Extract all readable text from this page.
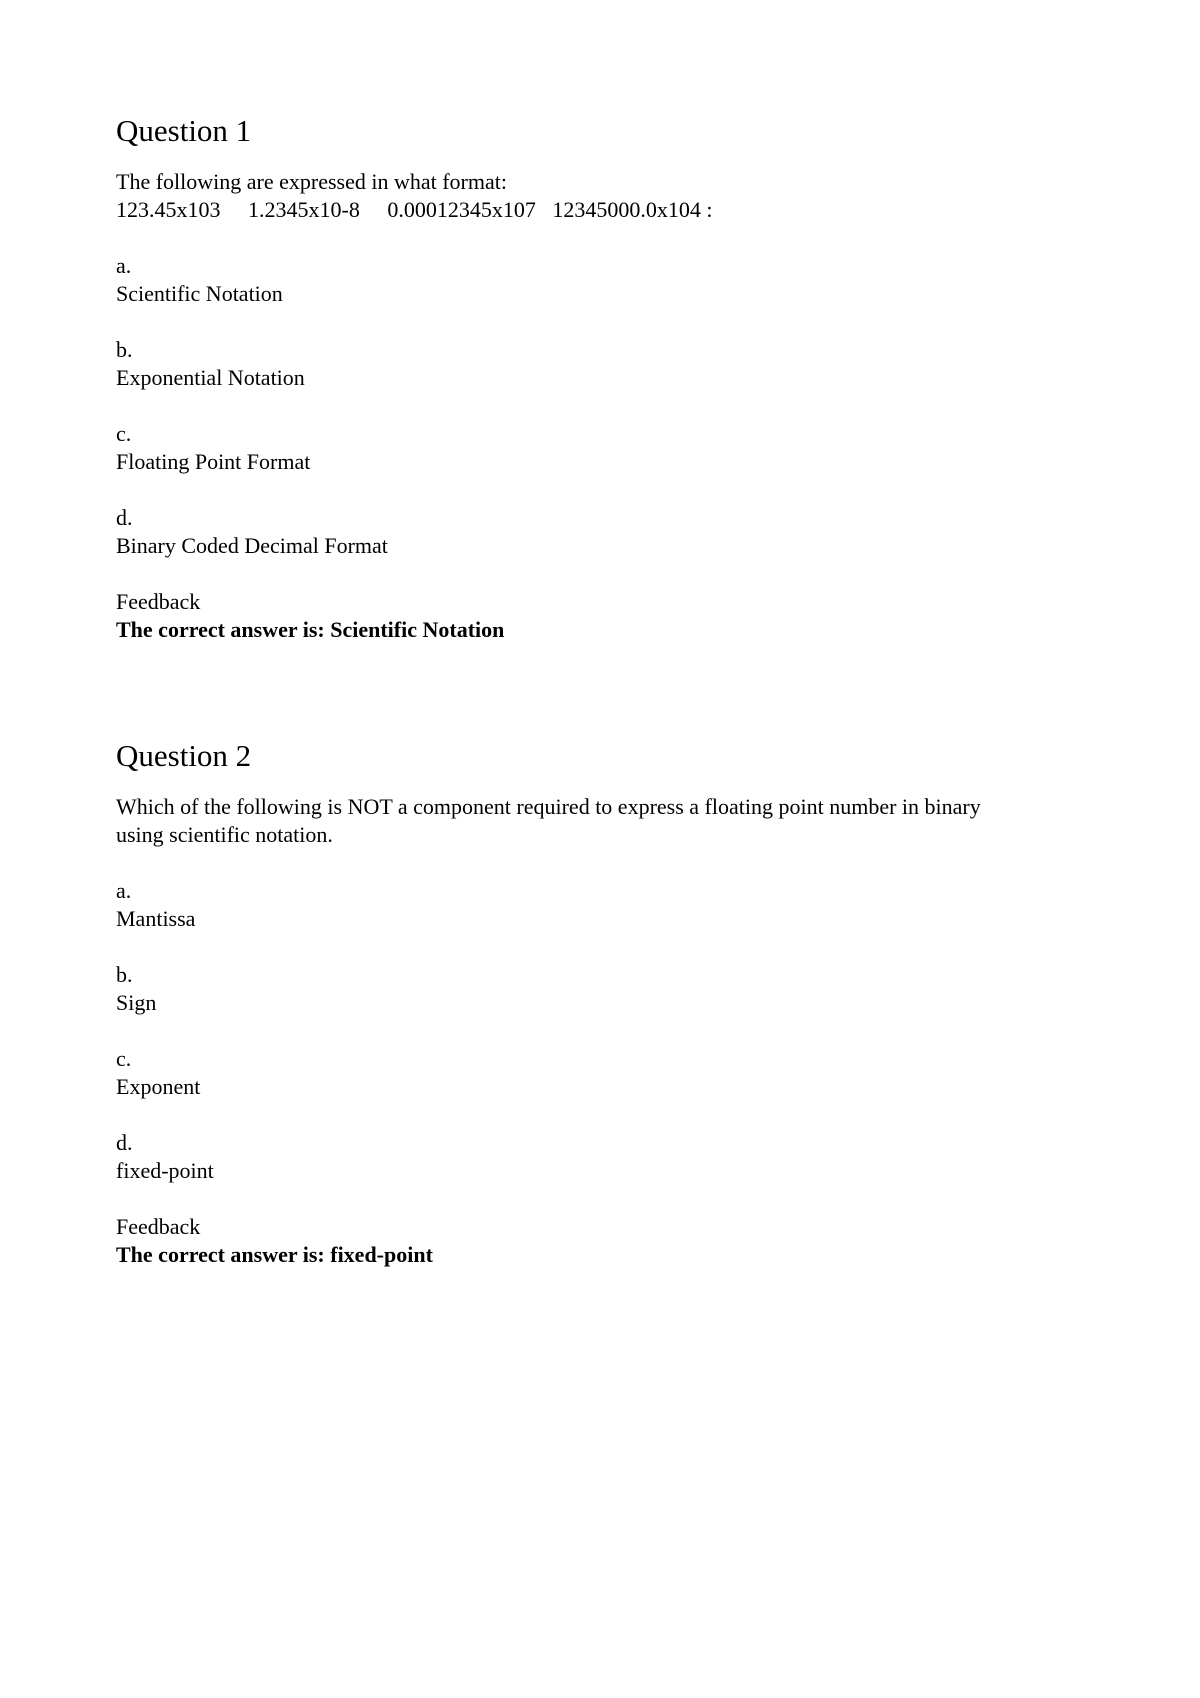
Question 1

The following are expressed in what format:
123.45x103     1.2345x10-8     0.00012345x107   12345000.0x104 :

a.
Scientific Notation
b.
Exponential Notation
c.
Floating Point Format
d.
Binary Coded Decimal Format
Feedback
The correct answer is: Scientific Notation
Question 2

Which of the following is NOT a component required to express a floating point number in binary
using scientific notation.

a.
Mantissa
b.
Sign
c.
Exponent
d.
fixed-point
Feedback
The correct answer is: fixed-point
